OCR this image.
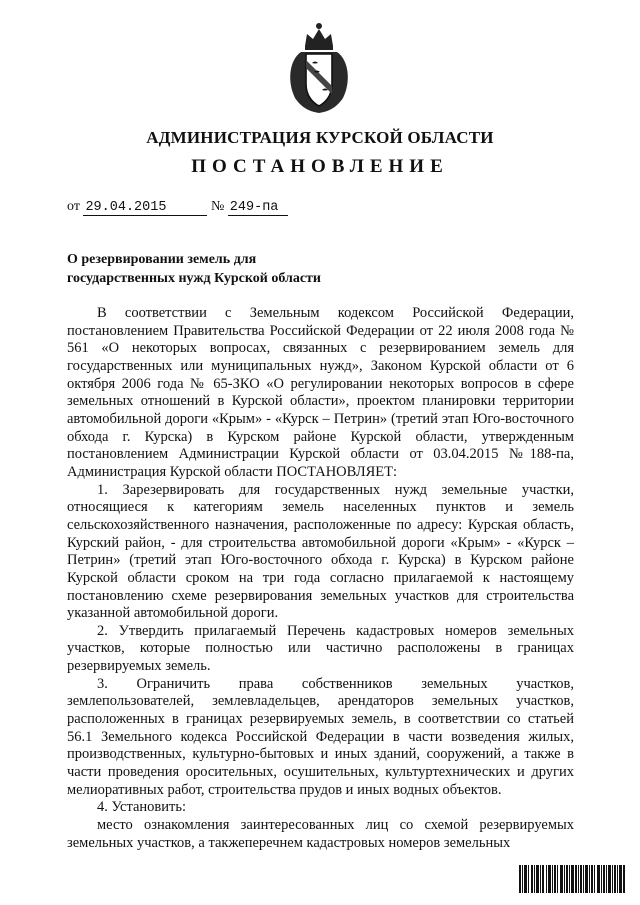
АДМИНИСТРАЦИЯ КУРСКОЙ ОБЛАСТИ
ПОСТАНОВЛЕНИЕ
от 29.04.2015	№ 249-па
О резервировании земель для
государственных нужд Курской области

В соответствии с Земельным кодексом Российской Федерации, постановлением Правительства Российской Федерации от 22 июля 2008 года № 561 «О некоторых вопросах, связанных с резервированием земель для государственных или муниципальных нужд», Законом Курской области от 6 октября 2006 года № 65-ЗКО «О регулировании некоторых вопросов в сфере земельных отношений в Курской области», проектом планировки территории автомобильной дороги «Крым» - «Курск – Петрин» (третий этап Юго-восточного обхода г. Курска) в Курском районе Курской области, утвержденным постановлением Администрации Курской области от 03.04.2015 №188-па, Администрация Курской области ПОСТАНОВЛЯЕТ:

1. Зарезервировать для государственных нужд земельные участки, относящиеся к категориям земель населенных пунктов и земель сельскохозяйственного назначения, расположенные по адресу: Курская область, Курский район, - для строительства автомобильной дороги «Крым» - «Курск – Петрин» (третий этап Юго-восточного обхода г. Курска) в Курском районе Курской области сроком на три года согласно прилагаемой к настоящему постановлению схеме резервирования земельных участков для строительства указанной автомобильной дороги.

2. Утвердить прилагаемый Перечень кадастровых номеров земельных участков, которые полностью или частично расположены в границах резервируемых земель.

3. Ограничить права собственников земельных участков, землепользователей, землевладельцев, арендаторов земельных участков, расположенных в границах резервируемых земель, в соответствии со статьей 56.1 Земельного кодекса Российской Федерации в части возведения жилых, производственных, культурно-бытовых и иных зданий, сооружений, а также в части проведения оросительных, осушительных, культуртехнических и других мелиоративных работ, строительства прудов и иных водных объектов.

4. Установить:

место ознакомления заинтересованных лиц со схемой резервируемых земельных участков, а такжеперечнем кадастровых номеров земельных
